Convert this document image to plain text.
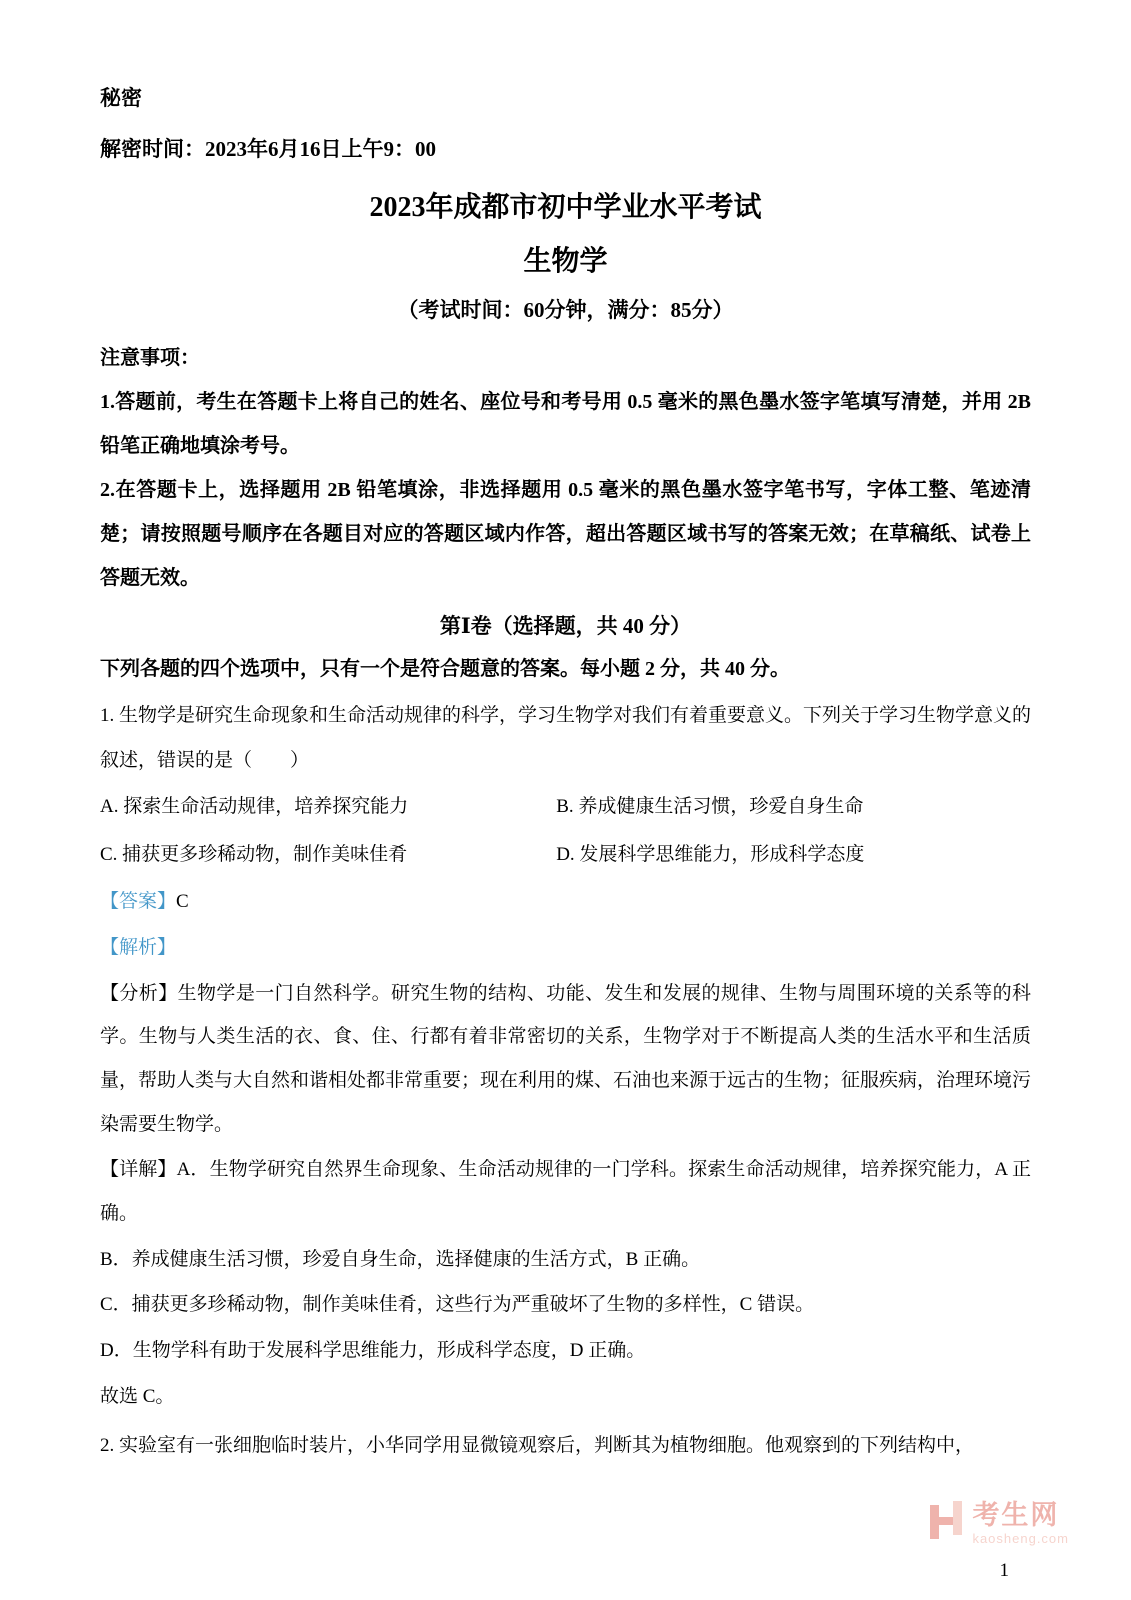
秘密
解密时间：2023年6月16日上午9：00
2023年成都市初中学业水平考试
生物学
（考试时间：60分钟，满分：85分）
注意事项：
1.答题前，考生在答题卡上将自己的姓名、座位号和考号用 0.5 毫米的黑色墨水签字笔填写清楚，并用 2B 铅笔正确地填涂考号。
2.在答题卡上，选择题用 2B 铅笔填涂，非选择题用 0.5 毫米的黑色墨水签字笔书写，字体工整、笔迹清楚；请按照题号顺序在各题目对应的答题区域内作答，超出答题区域书写的答案无效；在草稿纸、试卷上答题无效。
第Ⅰ卷（选择题，共 40 分）
下列各题的四个选项中，只有一个是符合题意的答案。每小题 2 分，共 40 分。
1. 生物学是研究生命现象和生命活动规律的科学，学习生物学对我们有着重要意义。下列关于学习生物学意义的叙述，错误的是（　　）
A. 探索生命活动规律，培养探究能力	B. 养成健康生活习惯，珍爱自身生命
C. 捕获更多珍稀动物，制作美味佳肴	D. 发展科学思维能力，形成科学态度
【答案】C
【解析】
【分析】生物学是一门自然科学。研究生物的结构、功能、发生和发展的规律、生物与周围环境的关系等的科学。生物与人类生活的衣、食、住、行都有着非常密切的关系，生物学对于不断提高人类的生活水平和生活质量，帮助人类与大自然和谐相处都非常重要；现在利用的煤、石油也来源于远古的生物；征服疾病，治理环境污染需要生物学。
【详解】A．生物学研究自然界生命现象、生命活动规律的一门学科。探索生命活动规律，培养探究能力，A 正确。
B．养成健康生活习惯，珍爱自身生命，选择健康的生活方式，B 正确。
C．捕获更多珍稀动物，制作美味佳肴，这些行为严重破坏了生物的多样性，C 错误。
D．生物学科有助于发展科学思维能力，形成科学态度，D 正确。
故选 C。
2. 实验室有一张细胞临时装片，小华同学用显微镜观察后，判断其为植物细胞。他观察到的下列结构中，
考生网
kaosheng.com
1
